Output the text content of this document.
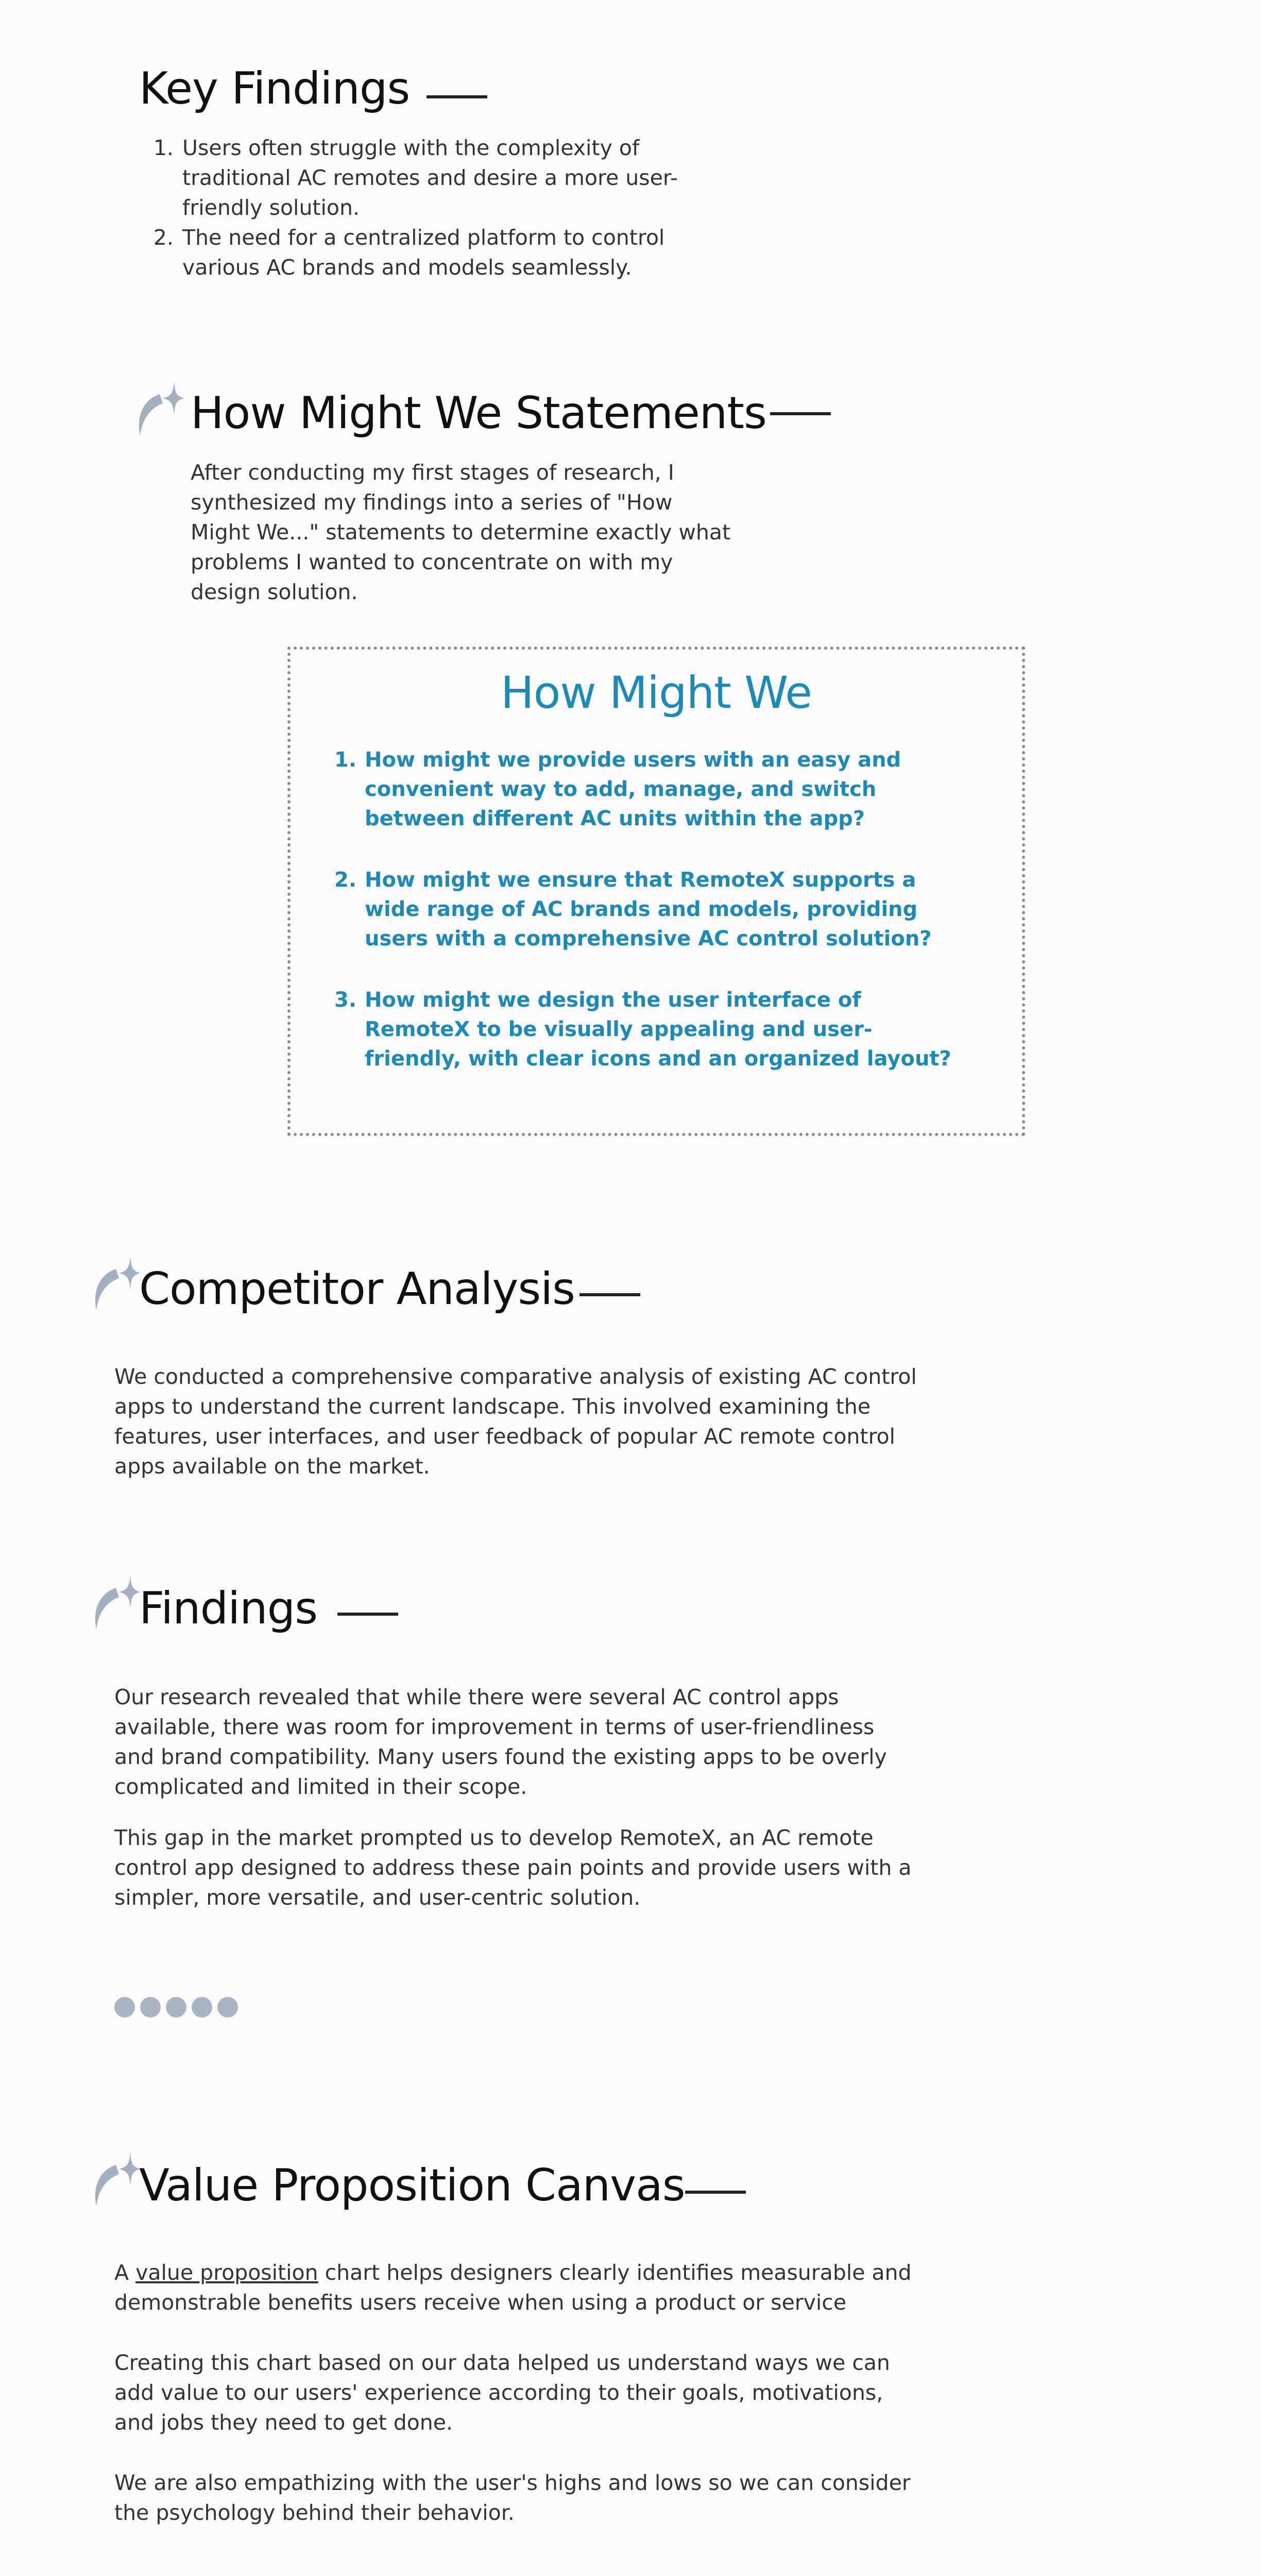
Key Findings
1. Users often struggle with the complexity of traditional AC remotes and desire a more user-friendly solution.
2. The need for a centralized platform to control various AC brands and models seamlessly.
How Might We Statements
After conducting my first stages of research, I synthesized my findings into a series of "How Might We..." statements to determine exactly what problems I wanted to concentrate on with my design solution.
How Might We
1. How might we provide users with an easy and convenient way to add, manage, and switch between different AC units within the app?
2. How might we ensure that RemoteX supports a wide range of AC brands and models, providing users with a comprehensive AC control solution?
3. How might we design the user interface of RemoteX to be visually appealing and user-friendly, with clear icons and an organized layout?
Competitor Analysis
We conducted a comprehensive comparative analysis of existing AC control apps to understand the current landscape. This involved examining the features, user interfaces, and user feedback of popular AC remote control apps available on the market.
Findings
Our research revealed that while there were several AC control apps available, there was room for improvement in terms of user-friendliness and brand compatibility. Many users found the existing apps to be overly complicated and limited in their scope.
This gap in the market prompted us to develop RemoteX, an AC remote control app designed to address these pain points and provide users with a simpler, more versatile, and user-centric solution.
Value Proposition Canvas
A value proposition chart helps designers clearly identifies measurable and demonstrable benefits users receive when using a product or service
Creating this chart based on our data helped us understand ways we can add value to our users' experience according to their goals, motivations, and jobs they need to get done.
We are also empathizing with the user's highs and lows so we can consider the psychology behind their behavior.
